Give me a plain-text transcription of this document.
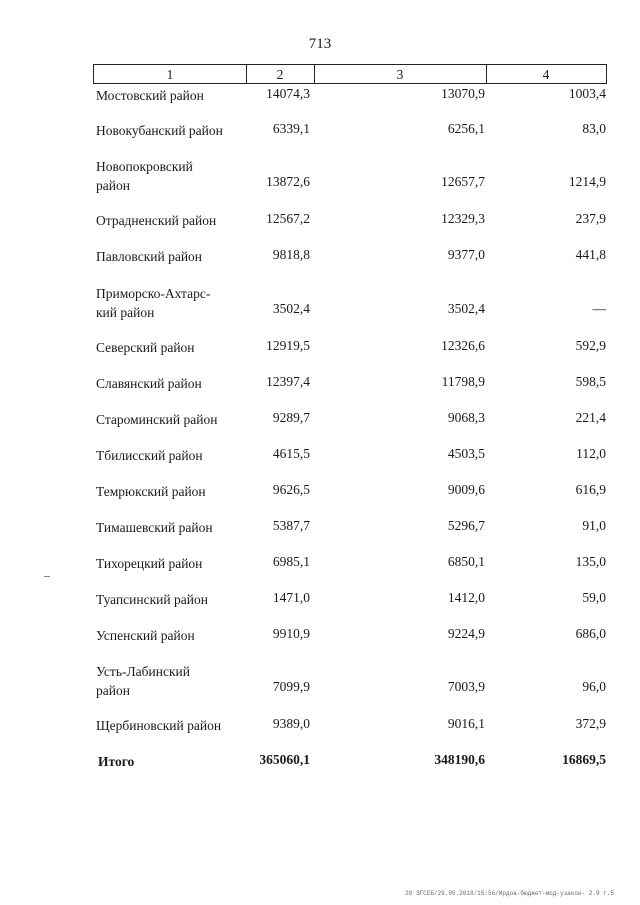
713
1	2	3	4
Мостовский район	14074,3	13070,9	1003,4
Новокубанский район	6339,1	6256,1	83,0
Новопокровский
район	13872,6	12657,7	1214,9
Отрадненский район	12567,2	12329,3	237,9
Павловский район	9818,8	9377,0	441,8
Приморско-Ахтарс-
кий район	3502,4	3502,4	—
Северский район	12919,5	12326,6	592,9
Славянский район	12397,4	11798,9	598,5
Староминский район	9289,7	9068,3	221,4
Тбилисский район	4615,5	4503,5	112,0
Темрюкский район	9626,5	9009,6	616,9
Тимашевский район	5387,7	5296,7	91,0
Тихорецкий район	6985,1	6850,1	135,0
Туапсинский район	1471,0	1412,0	59,0
Успенский район	9910,9	9224,9	686,0
Усть-Лабинский
район	7099,9	7003,9	96,0
Щербиновский район	9389,0	9016,1	372,9
Итого	365060,1	348190,6	16869,5
20 ЗГСЕБ/29.05.2018/15:56/Ирдоа-бюджет-мод-узакон- 2.9 г.5
